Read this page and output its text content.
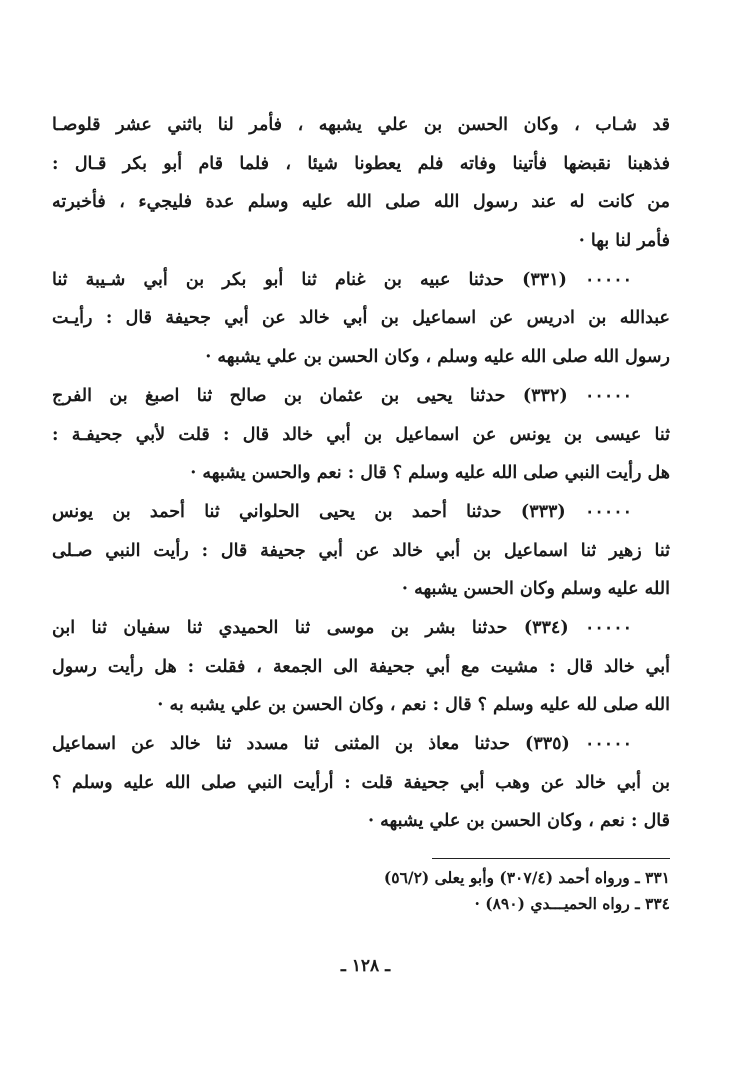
قد شـاب ، وكان الحسن بن علي يشبهه ، فأمر لنا باثني عشر قلوصـا
فذهبنا نقبضها فأتينا وفاته فلم يعطونا شيئا ، فلما قام أبو بكر قـال :
من كانت له عند رسول الله صلى الله عليه وسلم عدة فليجيء ، فأخبرته
فأمر لنا بها ·
٠٠٠٠٠ (٣٣١) حدثنا عبيه بن غنام ثنا أبو بكر بن أبي شـيبة ثنا
عبدالله بن ادريس عن اسماعيل بن أبي خالد عن أبي جحيفة قال : رأيـت
رسول الله صلى الله عليه وسلم ، وكان الحسن بن علي يشبهه ·
٠٠٠٠٠ (٣٣٢) حدثنا يحيى بن عثمان بن صالح ثنا اصبغ بن الفرج
ثنا عيسى بن يونس عن اسماعيل بن أبي خالد قال : قلت لأبي جحيفـة :
هل رأيت النبي صلى الله عليه وسلم ؟ قال : نعم والحسن يشبهه ·
٠٠٠٠٠ (٣٣٣) حدثنا أحمد بن يحيى الحلواني ثنا أحمد بن يونس
ثنا زهير ثنا اسماعيل بن أبي خالد عن أبي جحيفة قال : رأيت النبي صـلى
الله عليه وسلم وكان الحسن يشبهه ·
٠٠٠٠٠ (٣٣٤) حدثنا بشر بن موسى ثنا الحميدي ثنا سفيان ثنا ابن
أبي خالد قال : مشيت مع أبي جحيفة الى الجمعة ، فقلت : هل رأيت رسول
الله صلى لله عليه وسلم ؟ قال : نعم ، وكان الحسن بن علي يشبه به ·
٠٠٠٠٠ (٣٣٥) حدثنا معاذ بن المثنى ثنا مسدد ثنا خالد عن اسماعيل
بن أبي خالد عن وهب أبي جحيفة قلت : أرأيت النبي صلى الله عليه وسلم ؟
قال : نعم ، وكان الحسن بن علي يشبهه ·
٣٣١ ـ ورواه أحمد (٣٠٧/٤) وأبو يعلى (٥٦/٢)
٣٣٤ ـ رواه الحميـــدي (٨٩٠) ·
ـ ١٢٨ ـ
